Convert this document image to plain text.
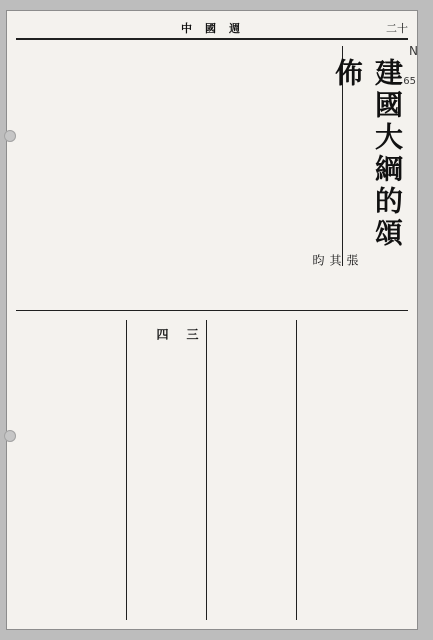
中 國 週	二十
建國大綱的頌佈
張其昀
N
65
四 三
